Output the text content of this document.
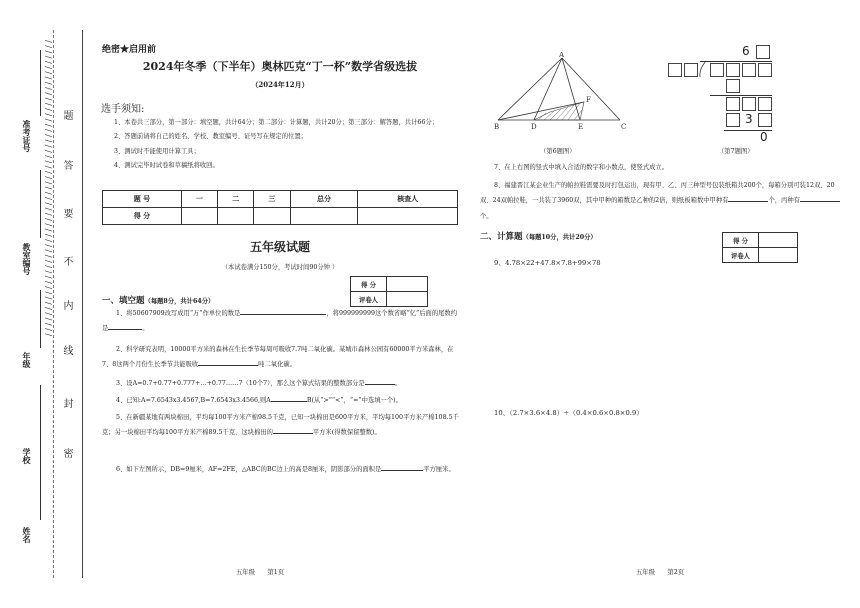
/ / / / / / / / / / / / / / / / / / / / / / / / / / / / / / / / / / / / / / / / / / / / / / / / / / / / / / / / /
姓名
学校
年级
教室编号
准考证号
密
封
线
内
不
要
答
题
绝密★启用前
2024年冬季（下半年）奥林匹克“丁一杯”数学省级选拔
（2024年12月）
选手须知:

1、本卷共三部分，第一部分：填空题，共计64分；第二部分：计算题，共计20分；第三部分：解答题，共计66分；

2、答题前请将自己的姓名、学校、教室编号、证号写在规定的位置；

3、测试时不能使用计算工具；

4、测试完毕时试卷和草稿纸将收回。

题 号	一	二	三	总分	核查人
得 分					
五年级试题
（本试卷满分150分，考试时间90分钟 ）
得 分	
评卷人	
一、填空题（每题8分，共计64分）
1、将50607909改写成用“万”作单位的数是	，将999999999这个数省略“亿”后面的尾数约是	。
2、科学研究表明，10000平方米的森林在生长季节每周可吸收7.7吨二氧化碳。某城市森林公园有60000平方米森林，在7、8这两个月份生长季节共能吸收	吨二氧化碳。
3、设A=0.7+0.77+0.777+…+0.77……7（10个7），那么这个算式结果的整数部分是	。
4、已知:A=7.6543x3.4567,B=7.6543x3.4566,则A	B(从“>”“<”，“=”中选填一个)。
5、在新疆某地有两块棉田，平均每100平方米产棉98.5千克，已知一块棉田是600平方米，平均每100平方米产棉108.5千克；另一块棉田平均每100平方米产棉89.5千克，这块棉田的	平方米(得数保留整数)。
6、如下左图所示，DB=9厘米，AF=2FE，△ABC的BC边上的高是8厘米，阴影部分的面积是	平方厘米。
五年级　　第1页
A
B	C
D	E
F
（第6题图）
6
3
0
（第7题图）
7、在上右图的竖式中填入合适的数字和小数点，使竖式成立。
8、福建晋江某企业生产的帕拉鞋需要及时打包运出，现有甲、乙、丙三种型号包装纸箱共200个，每箱分别可装12双、20双、24双帕拉鞋，一共装了3960双，其中甲种的箱数是乙种的2倍，则纸板箱数中甲种有	个，丙种有个。
二、计算题（每题10分，共计20分）	得 分	
评卷人	
9、4.78×22+47.8×7.8+99×78
10、（2.7×3.6×4.8）÷（0.4×0.6×0.8×0.9）
五年级　　第2页
